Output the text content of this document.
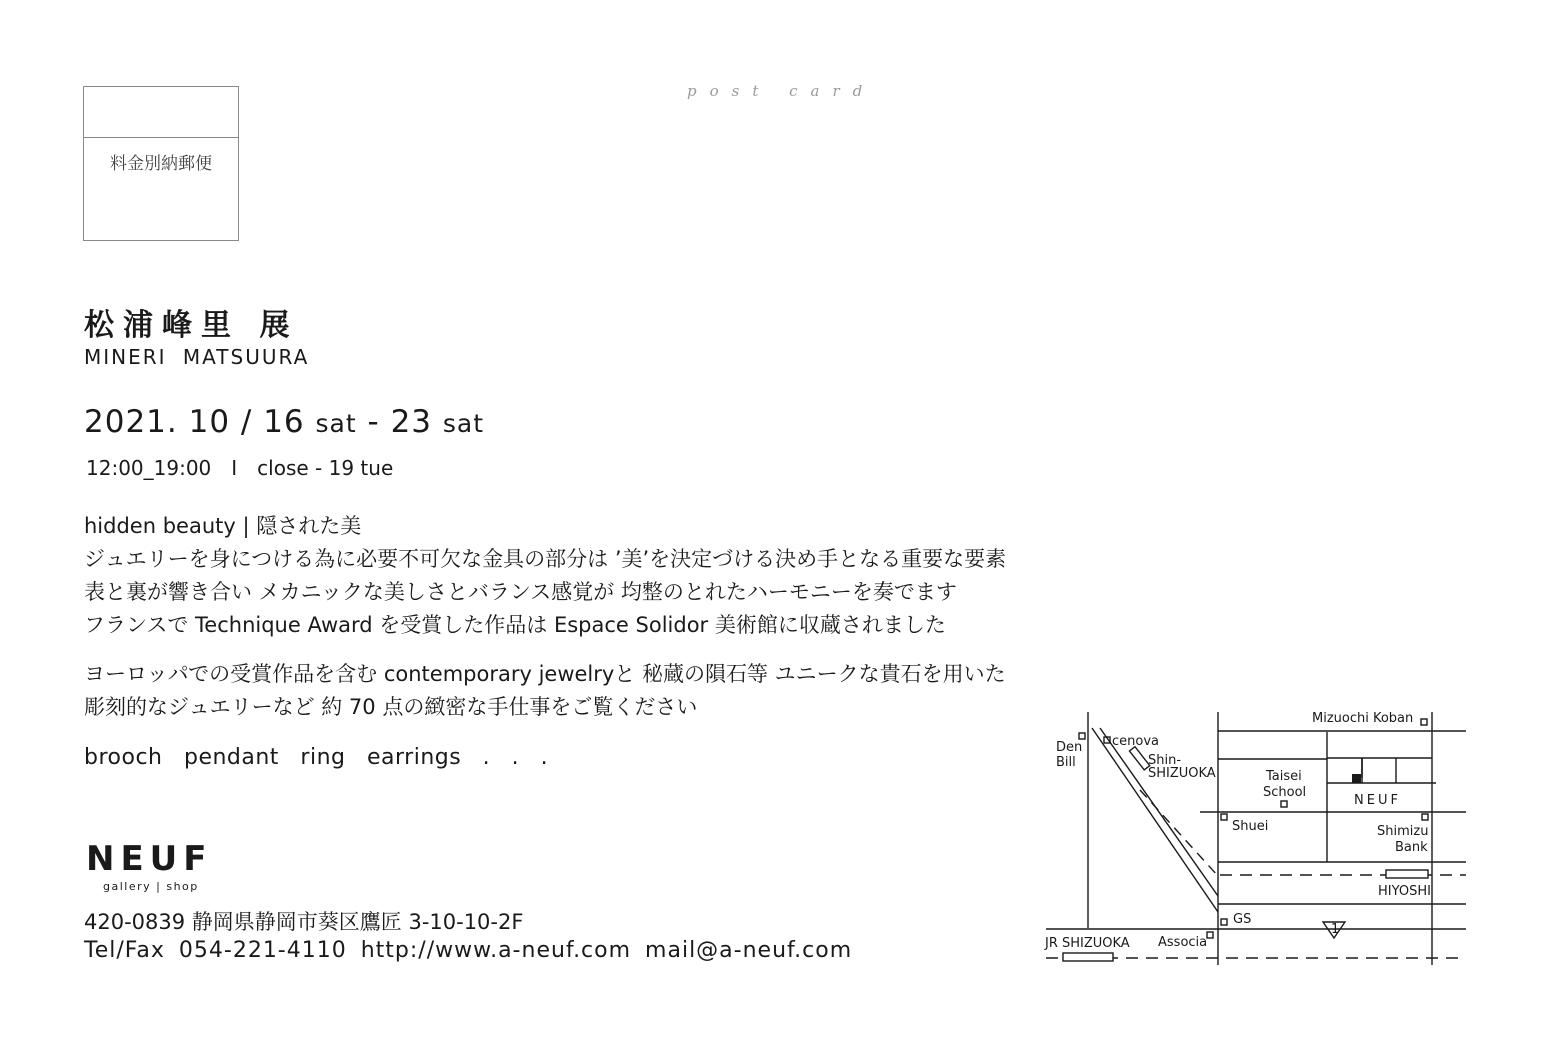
post card
料金別納郵便
松浦峰里 展
MINERI MATSUURA
2021. 10 / 16 sat - 23 sat
12:00_19:00　I　close - 19 tue
hidden beauty | 隠された美
ジュエリーを身につける為に必要不可欠な金具の部分は ’美’を決定づける決め手となる重要な要素
表と裏が響き合い メカニックな美しさとバランス感覚が 均整のとれたハーモニーを奏でます
フランスで Technique Award を受賞した作品は Espace Solidor 美術館に収蔵されました
ヨーロッパでの受賞作品を含む contemporary jewelryと 秘蔵の隕石等 ユニークな貴石を用いた
彫刻的なジュエリーなど 約 70 点の緻密な手仕事をご覧ください
brooch pendant ring earrings . . .
NEUF
gallery | shop
420-0839 静岡県静岡市葵区鷹匠 3-10-10-2F
Tel/Fax 054-221-4110 http://www.a-neuf.com mail@a-neuf.com
Mizuochi Koban
cenova
Den
Bill	Shin-
SHIZUOKA	Taisei
School
NEUF
Shuei	Shimizu
Bank
HIYOSHI
GS
1
JR SHIZUOKA Associa
